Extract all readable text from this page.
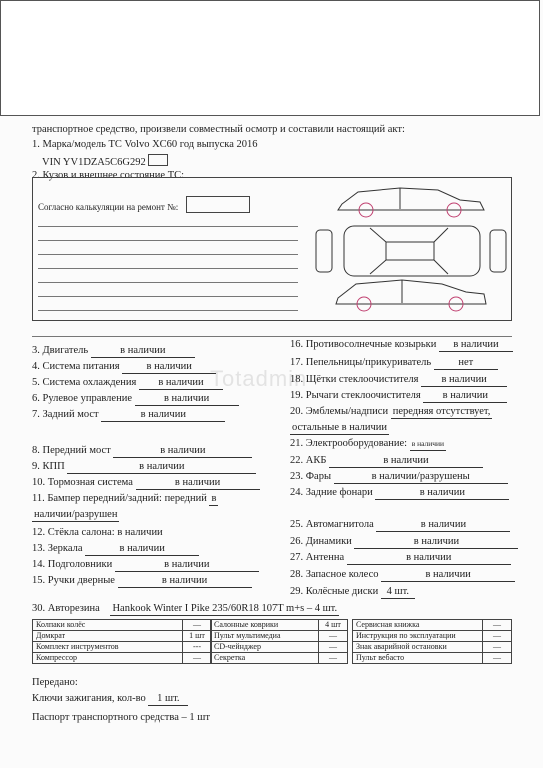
транспортное средство, произвели совместный осмотр и составили настоящий акт:
1. Марка/модель ТС Volvo XC60 год выпуска 2016
VIN YV1DZA5C6G292
2. Кузов и внешнее состояние ТС:
Согласно калькуляции на ремонт №:
Totadmin
3. Двигатель	в наличии
4. Система питания	в наличии
5. Система охлаждения в наличии
6. Рулевое управление	в наличии
7. Задний мост	в наличии
8. Передний мост	в наличии
9. КПП	в наличии
10. Тормозная система	в наличии
11. Бампер передний/задний: передний в
наличии/разрушен
12. Стёкла салона: в наличии
13. Зеркала	в наличии
14. Подголовники	в наличии
15. Ручки дверные	в наличии
16. Противосолнечные козырьки в наличии
17. Пепельницы/прикуриватель	нет
18. Щётки стеклоочистителя в наличии
19. Рычаги стеклоочистителя в наличии
20. Эмблемы/надписи передняя отсутствует,
остальные в наличии
21. Электрооборудование: в наличии
22. АКБ	в наличии
23. Фары	в наличии/разрушены
24. Задние фонари	в наличии
25. Автомагнитола	в наличии
26. Динамики	в наличии
27. Антенна	в наличии
28. Запасное колесо	в наличии
29. Колёсные диски 4 шт.
30. Авторезина Hankook Winter I Pike 235/60R18 107T m+s – 4 шт.
Колпаки колёс	—
Домкрат	1 шт
Комплект инструментов	---
Компрессор	—
Салонные коврики	4 шт
Пульт мультимедиа	—
CD-чейнджер	—
Секретка	—
Сервисная книжка	—
Инструкция по эксплуатации	—
Знак аварийной остановки	—
Пульт вебасто	—
Передано:
Ключи зажигания, кол-во 1 шт.
Паспорт транспортного средства – 1 шт
